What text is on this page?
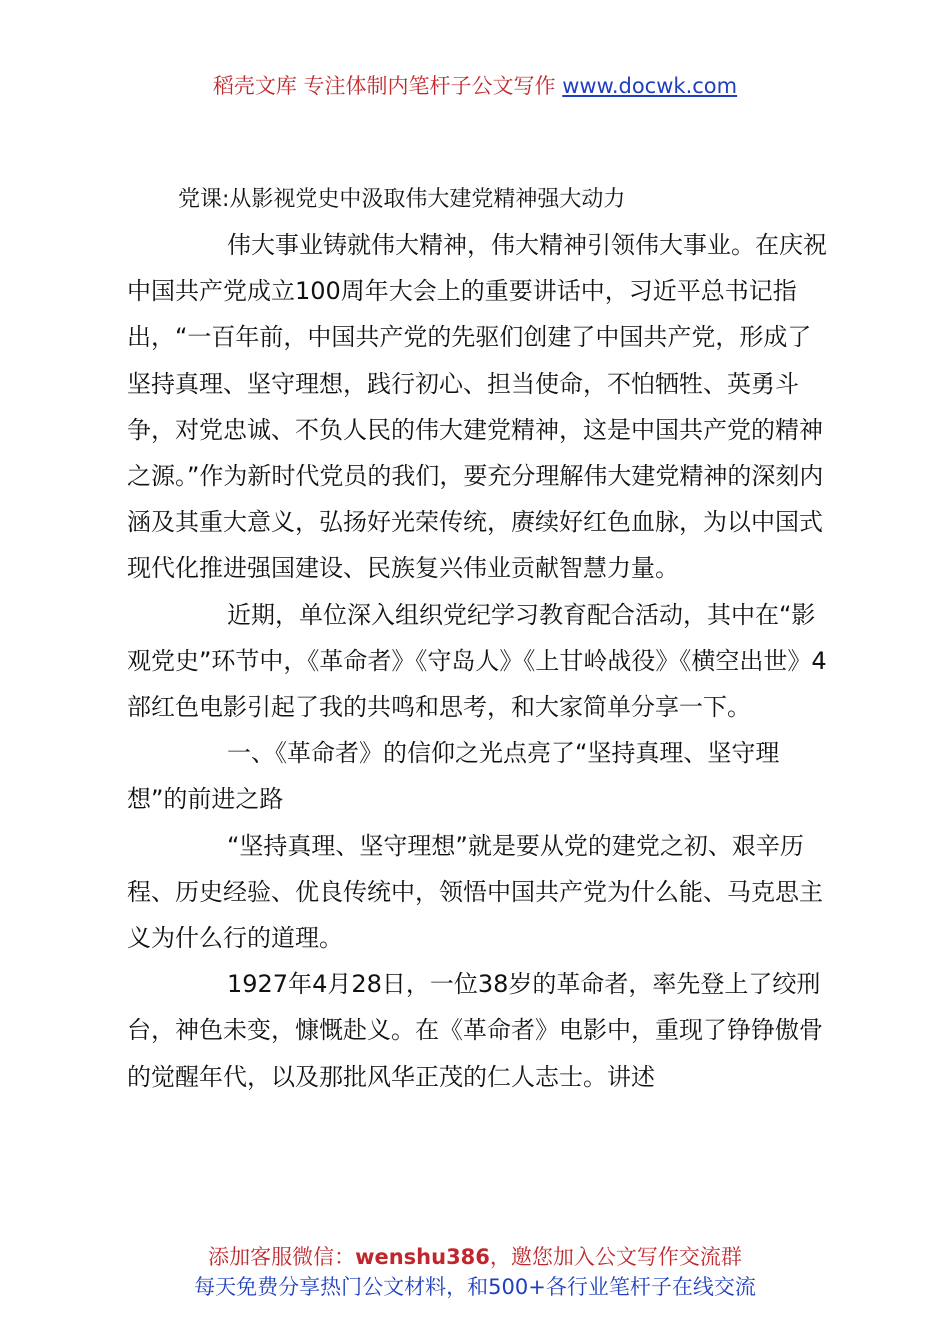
稻壳文库 专注体制内笔杆子公文写作 www.docwk.com
党课:从影视党史中汲取伟大建党精神强大动力

伟大事业铸就伟大精神，伟大精神引领伟大事业。在庆祝中国共产党成立100周年大会上的重要讲话中，习近平总书记指出，“一百年前，中国共产党的先驱们创建了中国共产党，形成了坚持真理、坚守理想，践行初心、担当使命，不怕牺牲、英勇斗争，对党忠诚、不负人民的伟大建党精神，这是中国共产党的精神之源。”作为新时代党员的我们，要充分理解伟大建党精神的深刻内涵及其重大意义，弘扬好光荣传统，赓续好红色血脉，为以中国式现代化推进强国建设、民族复兴伟业贡献智慧力量。

近期，单位深入组织党纪学习教育配合活动，其中在“影观党史”环节中，《革命者》《守岛人》《上甘岭战役》《横空出世》4部红色电影引起了我的共鸣和思考，和大家简单分享一下。

一、《革命者》的信仰之光点亮了“坚持真理、坚守理想”的前进之路

“坚持真理、坚守理想”就是要从党的建党之初、艰辛历程、历史经验、优良传统中，领悟中国共产党为什么能、马克思主义为什么行的道理。

1927年4月28日，一位38岁的革命者，率先登上了绞刑台，神色未变，慷慨赴义。在《革命者》电影中，重现了铮铮傲骨的觉醒年代，以及那批风华正茂的仁人志士。讲述

添加客服微信：wenshu386，邀您加入公文写作交流群
每天免费分享热门公文材料，和500+各行业笔杆子在线交流
